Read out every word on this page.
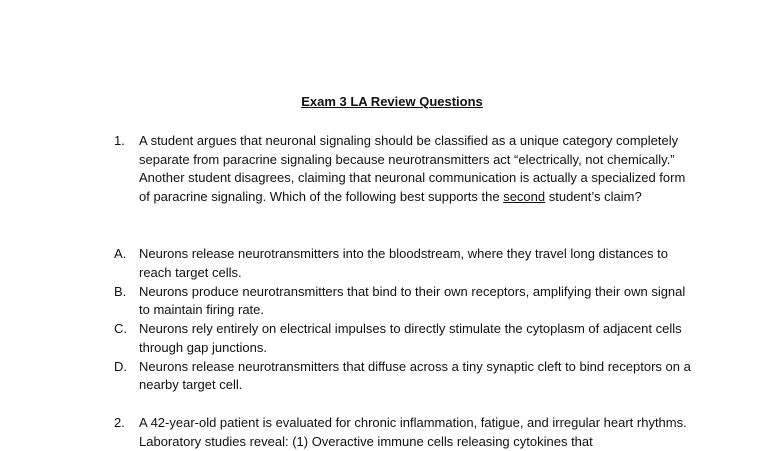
Exam 3 LA Review Questions
1. A student argues that neuronal signaling should be classified as a unique category completely separate from paracrine signaling because neurotransmitters act “electrically, not chemically.” Another student disagrees, claiming that neuronal communication is actually a specialized form of paracrine signaling. Which of the following best supports the second student’s claim?
A. Neurons release neurotransmitters into the bloodstream, where they travel long distances to reach target cells.
B. Neurons produce neurotransmitters that bind to their own receptors, amplifying their own signal to maintain firing rate.
C. Neurons rely entirely on electrical impulses to directly stimulate the cytoplasm of adjacent cells through gap junctions.
D. Neurons release neurotransmitters that diffuse across a tiny synaptic cleft to bind receptors on a nearby target cell.
2. A 42-year-old patient is evaluated for chronic inflammation, fatigue, and irregular heart rhythms. Laboratory studies reveal: (1) Overactive immune cells releasing cytokines that
